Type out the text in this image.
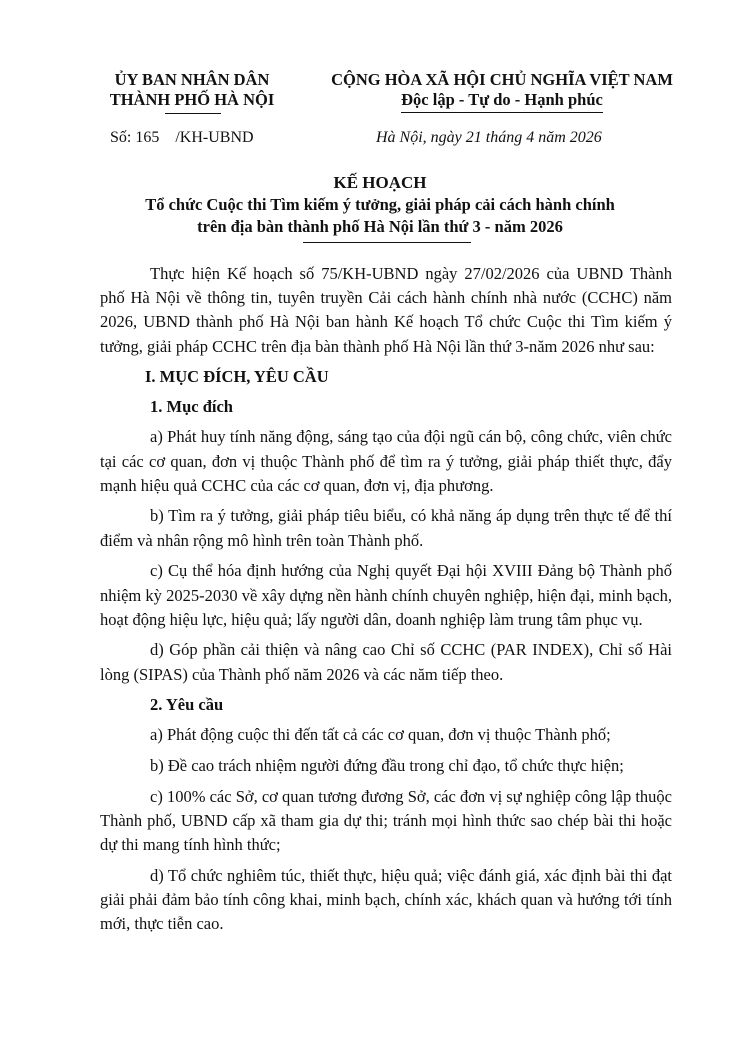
ỦY BAN NHÂN DÂN
THÀNH PHỐ HÀ NỘI
CỘNG HÒA XÃ HỘI CHỦ NGHĨA VIỆT NAM
Độc lập - Tự do - Hạnh phúc
Số: 165    /KH-UBND	Hà Nội, ngày 21 tháng 4 năm 2026
KẾ HOẠCH
Tổ chức Cuộc thi Tìm kiếm ý tưởng, giải pháp cải cách hành chính
trên địa bàn thành phố Hà Nội lần thứ 3 - năm 2026

Thực hiện Kế hoạch số 75/KH-UBND ngày 27/02/2026 của UBND Thành phố Hà Nội về thông tin, tuyên truyền Cải cách hành chính nhà nước (CCHC) năm 2026, UBND thành phố Hà Nội ban hành Kế hoạch Tổ chức Cuộc thi Tìm kiếm ý tưởng, giải pháp CCHC trên địa bàn thành phố Hà Nội lần thứ 3-năm 2026 như sau:

I. MỤC ĐÍCH, YÊU CẦU
1. Mục đích

a) Phát huy tính năng động, sáng tạo của đội ngũ cán bộ, công chức, viên chức tại các cơ quan, đơn vị thuộc Thành phố để tìm ra ý tưởng, giải pháp thiết thực, đẩy mạnh hiệu quả CCHC của các cơ quan, đơn vị, địa phương.

b) Tìm ra ý tưởng, giải pháp tiêu biểu, có khả năng áp dụng trên thực tế để thí điểm và nhân rộng mô hình trên toàn Thành phố.

c) Cụ thể hóa định hướng của Nghị quyết Đại hội XVIII Đảng bộ Thành phố nhiệm kỳ 2025-2030 về xây dựng nền hành chính chuyên nghiệp, hiện đại, minh bạch, hoạt động hiệu lực, hiệu quả; lấy người dân, doanh nghiệp làm trung tâm phục vụ.

d) Góp phần cải thiện và nâng cao Chỉ số CCHC (PAR INDEX), Chỉ số Hài lòng (SIPAS) của Thành phố năm 2026 và các năm tiếp theo.

2. Yêu cầu

a) Phát động cuộc thi đến tất cả các cơ quan, đơn vị thuộc Thành phố;

b) Đề cao trách nhiệm người đứng đầu trong chỉ đạo, tổ chức thực hiện;

c) 100% các Sở, cơ quan tương đương Sở, các đơn vị sự nghiệp công lập thuộc Thành phố, UBND cấp xã tham gia dự thi; tránh mọi hình thức sao chép bài thi hoặc dự thi mang tính hình thức;

d) Tổ chức nghiêm túc, thiết thực, hiệu quả; việc đánh giá, xác định bài thi đạt giải phải đảm bảo tính công khai, minh bạch, chính xác, khách quan và hướng tới tính mới, thực tiễn cao.
